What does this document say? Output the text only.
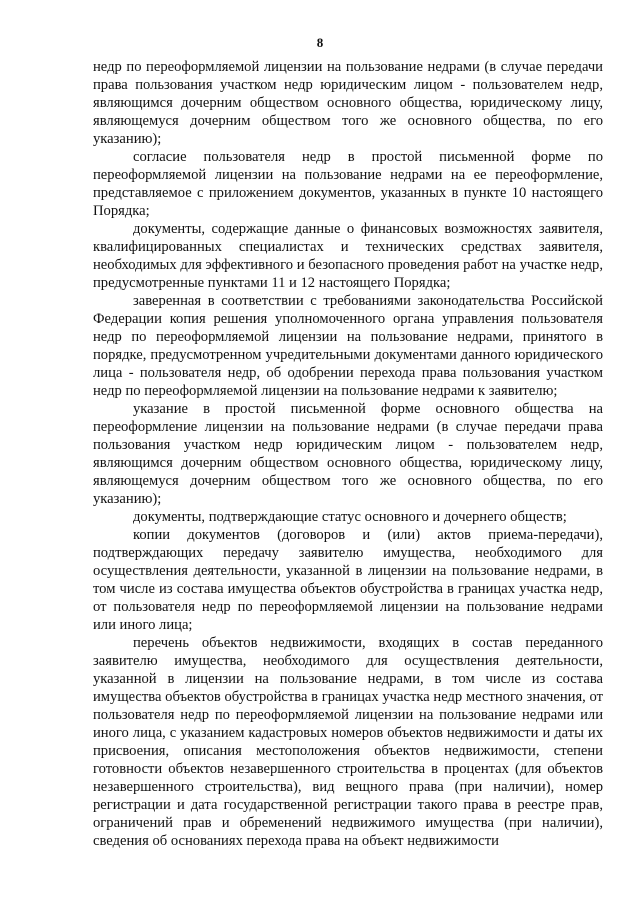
8

недр по переоформляемой лицензии на пользование недрами (в случае передачи права пользования участком недр юридическим лицом - пользователем недр, являющимся дочерним обществом основного общества, юридическому лицу, являющемуся дочерним обществом того же основного общества, по его указанию);

согласие пользователя недр в простой письменной форме по переоформляемой лицензии на пользование недрами на ее переоформление, представляемое с приложением документов, указанных в пункте 10 настоящего Порядка;

документы, содержащие данные о финансовых возможностях заявителя, квалифицированных специалистах и технических средствах заявителя, необходимых для эффективного и безопасного проведения работ на участке недр, предусмотренные пунктами 11 и 12 настоящего Порядка;

заверенная в соответствии с требованиями законодательства Российской Федерации копия решения уполномоченного органа управления пользователя недр по переоформляемой лицензии на пользование недрами, принятого в порядке, предусмотренном учредительными документами данного юридического лица - пользователя недр, об одобрении перехода права пользования участком недр по переоформляемой лицензии на пользование недрами к заявителю;

указание в простой письменной форме основного общества на переоформление лицензии на пользование недрами (в случае передачи права пользования участком недр юридическим лицом - пользователем недр, являющимся дочерним обществом основного общества, юридическому лицу, являющемуся дочерним обществом того же основного общества, по его указанию);

документы, подтверждающие статус основного и дочернего обществ;

копии документов (договоров и (или) актов приема-передачи), подтверждающих передачу заявителю имущества, необходимого для осуществления деятельности, указанной в лицензии на пользование недрами, в том числе из состава имущества объектов обустройства в границах участка недр, от пользователя недр по переоформляемой лицензии на пользование недрами или иного лица;

перечень объектов недвижимости, входящих в состав переданного заявителю имущества, необходимого для осуществления деятельности, указанной в лицензии на пользование недрами, в том числе из состава имущества объектов обустройства в границах участка недр местного значения, от пользователя недр по переоформляемой лицензии на пользование недрами или иного лица, с указанием кадастровых номеров объектов недвижимости и даты их присвоения, описания местоположения объектов недвижимости, степени готовности объектов незавершенного строительства в процентах (для объектов незавершенного строительства), вид вещного права (при наличии), номер регистрации и дата государственной регистрации такого права в реестре прав, ограничений прав и обременений недвижимого имущества (при наличии), сведения об основаниях перехода права на объект недвижимости
